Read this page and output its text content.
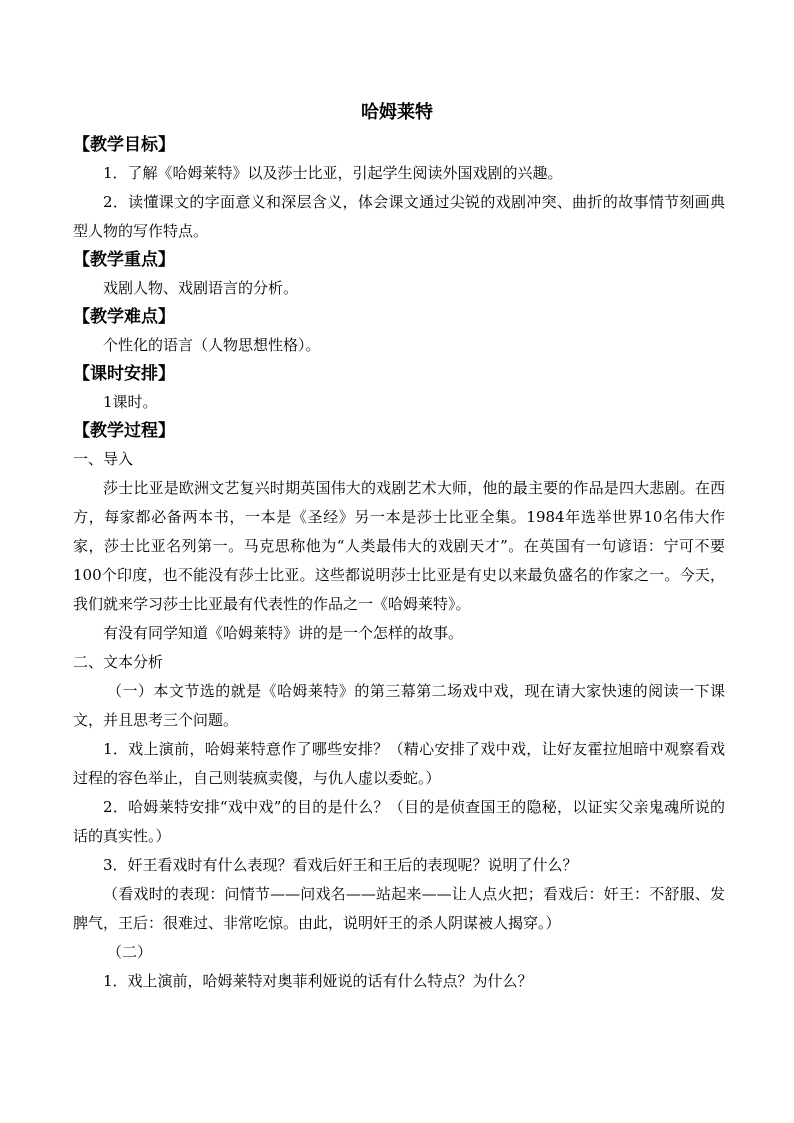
哈姆莱特
【教学目标】

1．了解《哈姆莱特》以及莎士比亚，引起学生阅读外国戏剧的兴趣。

2．读懂课文的字面意义和深层含义，体会课文通过尖锐的戏剧冲突、曲折的故事情节刻画典型人物的写作特点。

【教学重点】

戏剧人物、戏剧语言的分析。

【教学难点】

个性化的语言（人物思想性格）。

【课时安排】

1课时。

【教学过程】

一、导入

莎士比亚是欧洲文艺复兴时期英国伟大的戏剧艺术大师，他的最主要的作品是四大悲剧。在西方，每家都必备两本书，一本是《圣经》另一本是莎士比亚全集。1984年选举世界10名伟大作家，莎士比亚名列第一。马克思称他为“人类最伟大的戏剧天才”。在英国有一句谚语：宁可不要100个印度，也不能没有莎士比亚。这些都说明莎士比亚是有史以来最负盛名的作家之一。今天，我们就来学习莎士比亚最有代表性的作品之一《哈姆莱特》。

有没有同学知道《哈姆莱特》讲的是一个怎样的故事。

二、文本分析

（一）本文节选的就是《哈姆莱特》的第三幕第二场戏中戏，现在请大家快速的阅读一下课文，并且思考三个问题。

1．戏上演前，哈姆莱特意作了哪些安排？（精心安排了戏中戏，让好友霍拉旭暗中观察看戏过程的容色举止，自己则装疯卖傻，与仇人虚以委蛇。）

2．哈姆莱特安排“戏中戏”的目的是什么？（目的是侦查国王的隐秘，以证实父亲鬼魂所说的话的真实性。）

3．奸王看戏时有什么表现？看戏后奸王和王后的表现呢？说明了什么？

（看戏时的表现：问情节——问戏名——站起来——让人点火把；看戏后：奸王：不舒服、发脾气，王后：很难过、非常吃惊。由此，说明奸王的杀人阴谋被人揭穿。）

（二）

1．戏上演前，哈姆莱特对奥菲利娅说的话有什么特点？为什么？
